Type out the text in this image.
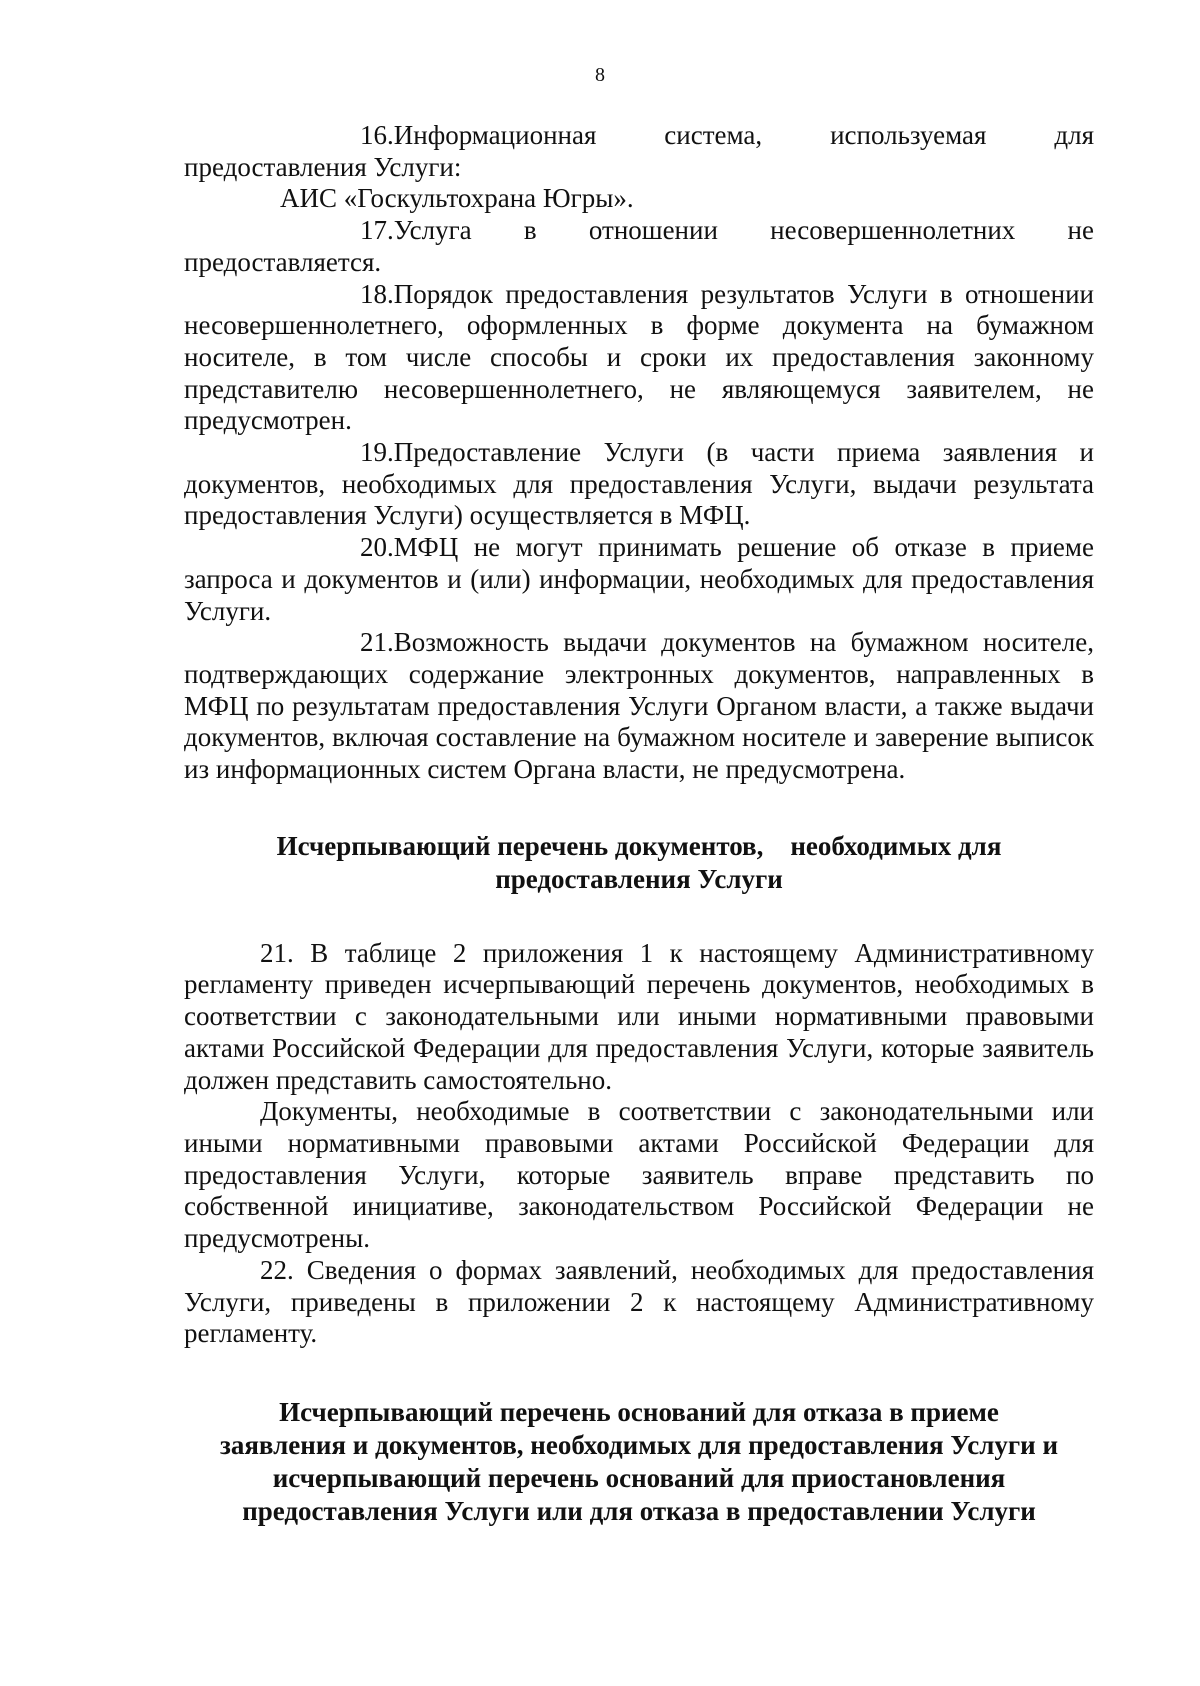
8

16.Информационная система, используемая для предоставления Услуги:

АИС «Госкультохрана Югры».

17.Услуга в отношении несовершеннолетних не предоставляется.

18.Порядок предоставления результатов Услуги в отношении несовершеннолетнего, оформленных в форме документа на бумажном носителе, в том числе способы и сроки их предоставления законному представителю несовершеннолетнего, не являющемуся заявителем, не предусмотрен.

19.Предоставление Услуги (в части приема заявления и документов, необходимых для предоставления Услуги, выдачи результата предоставления Услуги) осуществляется в МФЦ.

20.МФЦ не могут принимать решение об отказе в приеме запроса и документов и (или) информации, необходимых для предоставления Услуги.

21.Возможность выдачи документов на бумажном носителе, подтверждающих содержание электронных документов, направленных в МФЦ по результатам предоставления Услуги Органом власти, а также выдачи документов, включая составление на бумажном носителе и заверение выписок из информационных систем Органа власти, не предусмотрена.

Исчерпывающий перечень документов,    необходимых для
предоставления Услуги

21. В таблице 2 приложения 1 к настоящему Административному регламенту приведен исчерпывающий перечень документов, необходимых в соответствии с законодательными или иными нормативными правовыми актами Российской Федерации для предоставления Услуги, которые заявитель должен представить самостоятельно.

Документы, необходимые в соответствии с законодательными или иными нормативными правовыми актами Российской Федерации для предоставления Услуги, которые заявитель вправе представить по собственной инициативе, законодательством Российской Федерации не предусмотрены.

22. Сведения о формах заявлений, необходимых для предоставления Услуги, приведены в приложении 2 к настоящему Административному регламенту.

Исчерпывающий перечень оснований для отказа в приеме
заявления и документов, необходимых для предоставления Услуги и
исчерпывающий перечень оснований для приостановления
предоставления Услуги или для отказа в предоставлении Услуги
